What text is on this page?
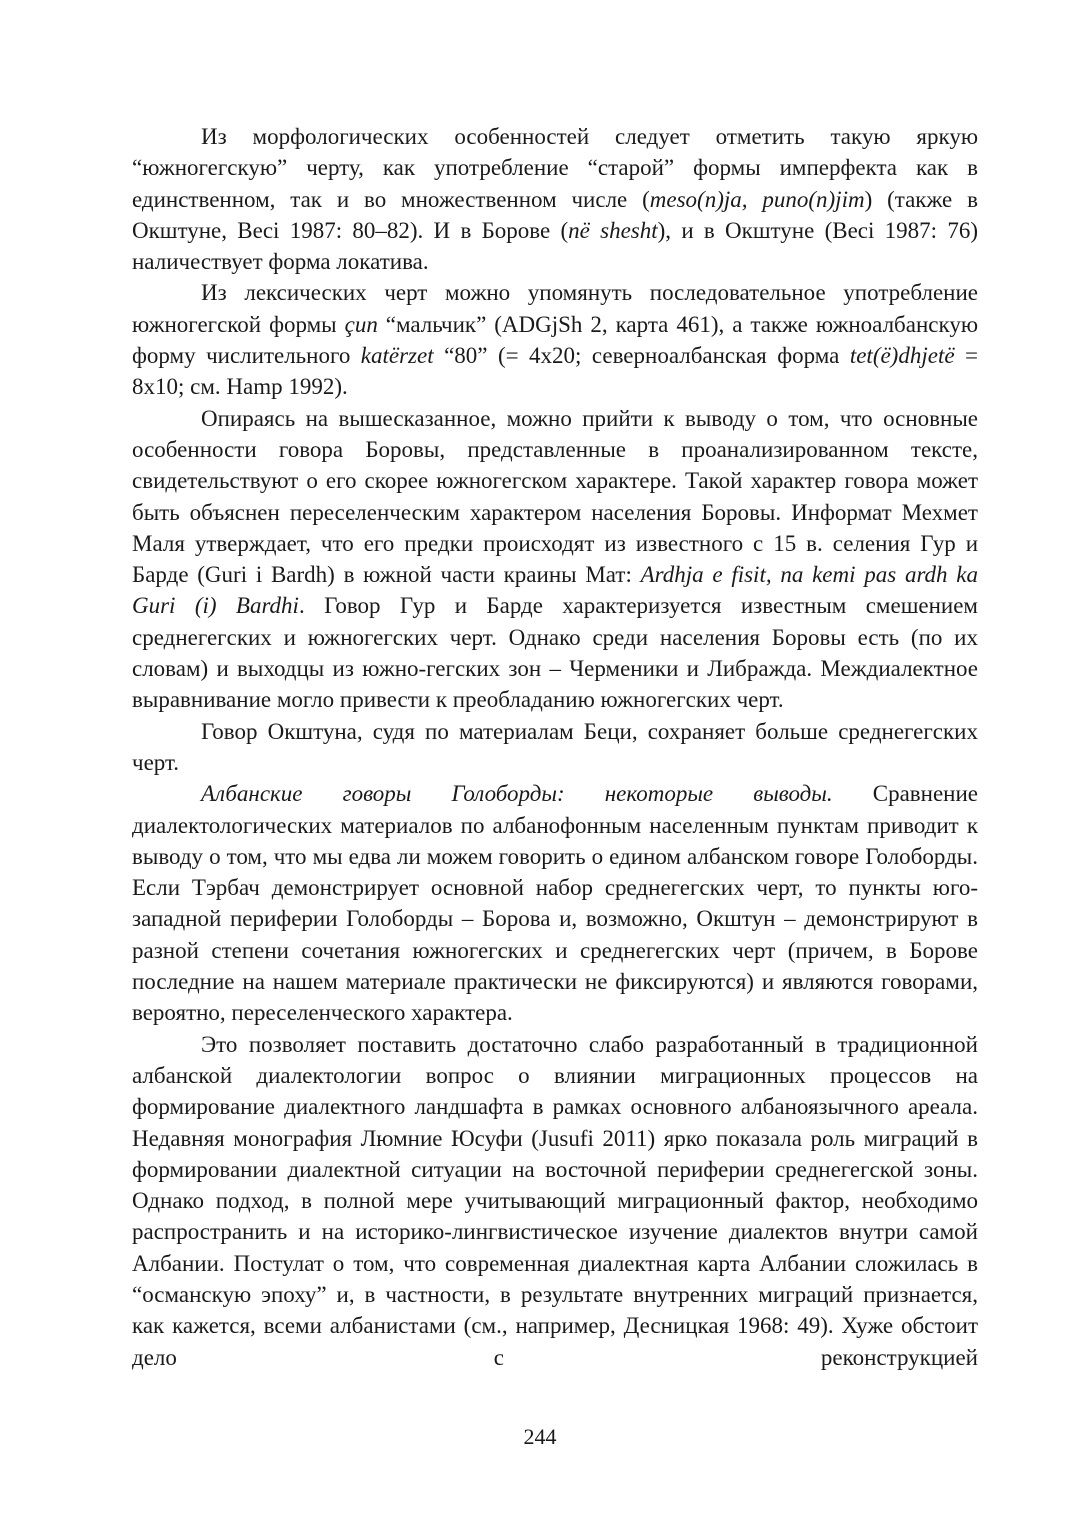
Из морфологических особенностей следует отметить такую яркую “южногегскую” черту, как употребление “старой” формы имперфекта как в единственном, так и во множественном числе (meso(n)ja, puno(n)jim) (также в Окштуне, Beci 1987: 80–82). И в Борове (në shesht), и в Окштуне (Beci 1987: 76) наличествует форма локатива.

Из лексических черт можно упомянуть последовательное употребление южногегской формы çun “мальчик” (ADGjSh 2, карта 461), а также южноалбанскую форму числительного katërzet “80” (= 4х20; северноалбанская форма tet(ë)dhjetë = 8х10; см. Hamp 1992).

Опираясь на вышесказанное, можно прийти к выводу о том, что основные особенности говора Боровы, представленные в проанализированном тексте, свидетельствуют о его скорее южногегском характере. Такой характер говора может быть объяснен переселенческим характером населения Боровы. Информат Мехмет Маля утверждает, что его предки происходят из известного с 15 в. селения Гур и Барде (Guri i Bardh) в южной части краины Мат: Ardhja e fisit, na kemi pas ardh ka Guri (i) Bardhi. Говор Гур и Барде характеризуется известным смешением среднегегских и южногегских черт. Однако среди населения Боровы есть (по их словам) и выходцы из южно-гегских зон – Черменики и Либражда. Междиалектное выравнивание могло привести к преобладанию южногегских черт.

Говор Окштуна, судя по материалам Беци, сохраняет больше среднегегских черт.

Албанские говоры Голоборды: некоторые выводы. Сравнение диалектологических материалов по албанофонным населенным пунктам приводит к выводу о том, что мы едва ли можем говорить о едином албанском говоре Голоборды. Если Тэрбач демонстрирует основной набор среднегегских черт, то пункты юго-западной периферии Голоборды – Борова и, возможно, Окштун – демонстрируют в разной степени сочетания южногегских и среднегегских черт (причем, в Борове последние на нашем материале практически не фиксируются) и являются говорами, вероятно, переселенческого характера.

Это позволяет поставить достаточно слабо разработанный в традиционной албанской диалектологии вопрос о влиянии миграционных процессов на формирование диалектного ландшафта в рамках основного албаноязычного ареала. Недавняя монография Люмние Юсуфи (Jusufi 2011) ярко показала роль миграций в формировании диалектной ситуации на восточной периферии среднегегской зоны. Однако подход, в полной мере учитывающий миграционный фактор, необходимо распространить и на историко-лингвистическое изучение диалектов внутри самой Албании. Постулат о том, что современная диалектная карта Албании сложилась в “османскую эпоху” и, в частности, в результате внутренних миграций признается, как кажется, всеми албанистами (см., например, Десницкая 1968: 49). Хуже обстоит дело с реконструкцией

244
